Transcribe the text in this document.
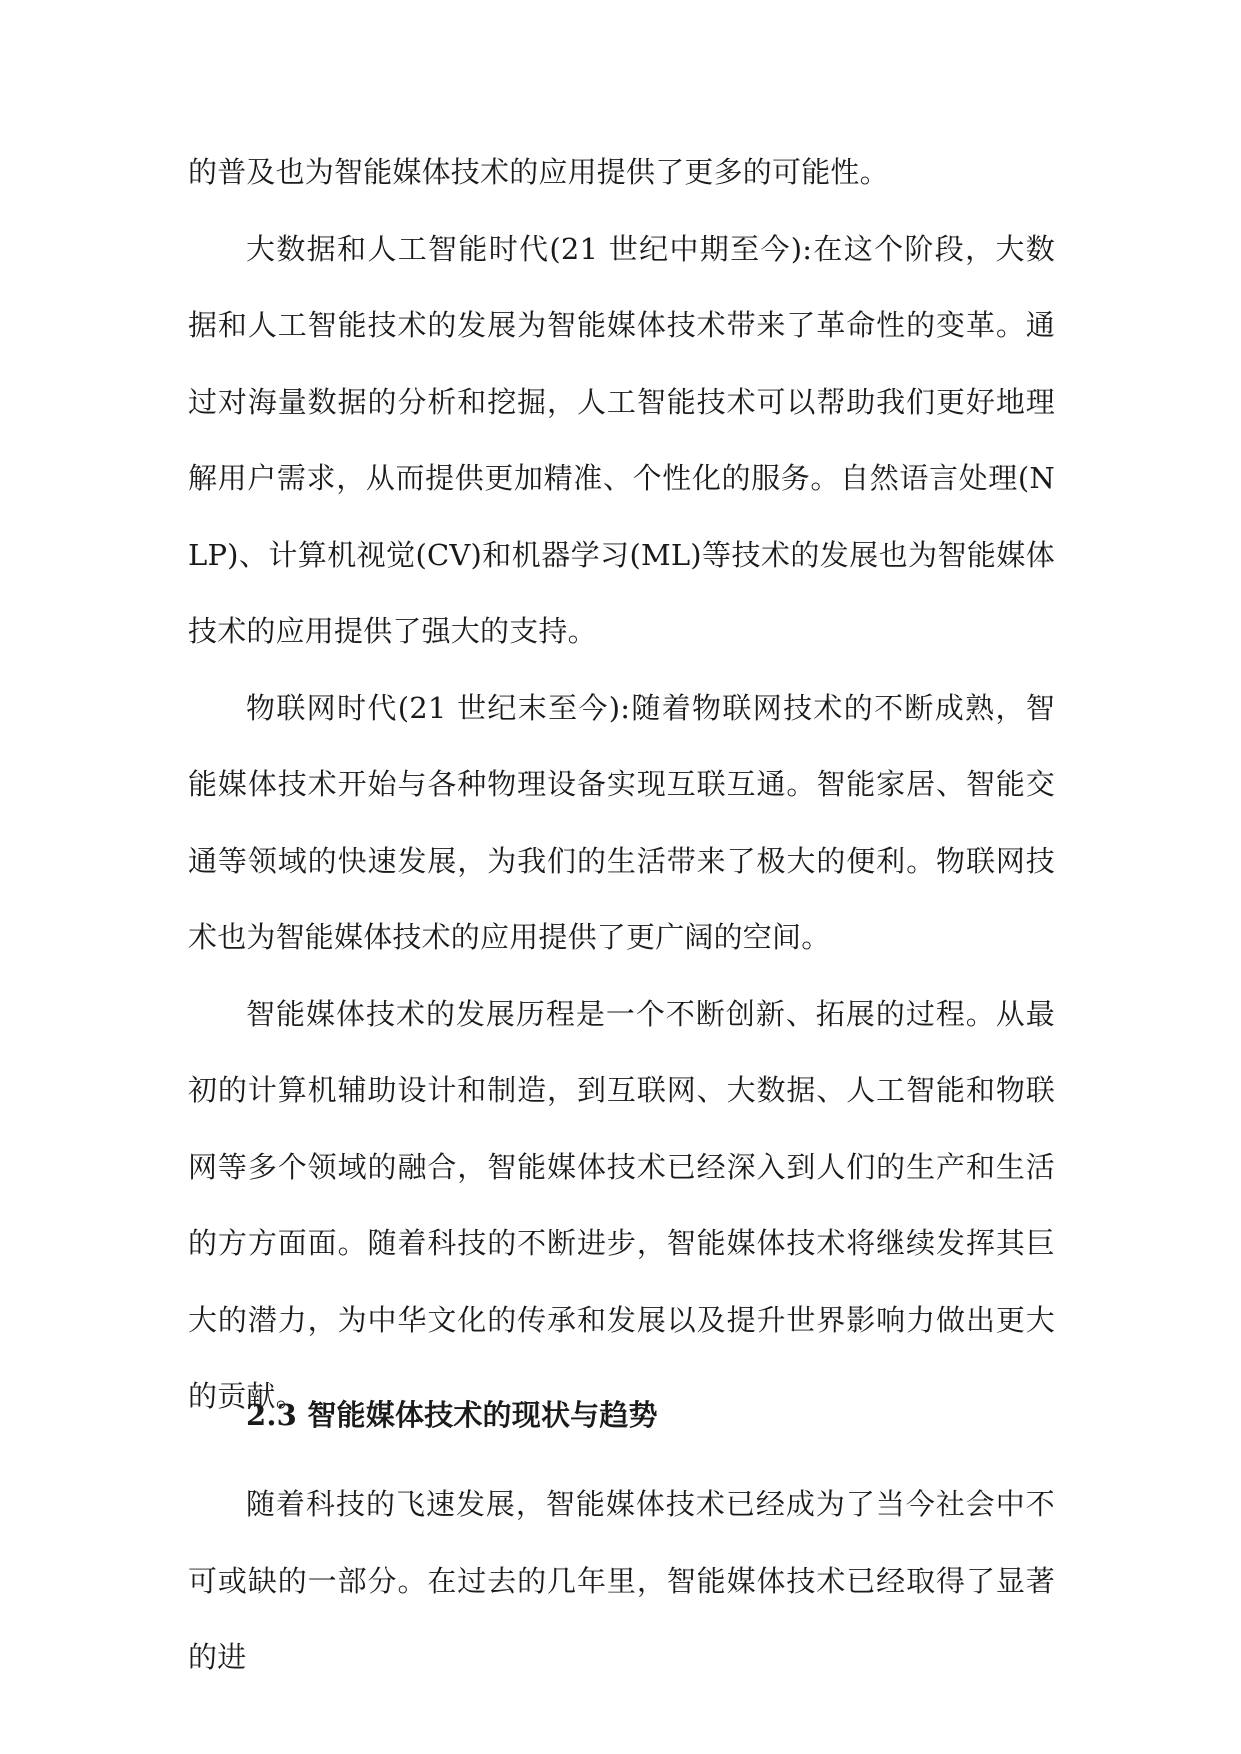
的普及也为智能媒体技术的应用提供了更多的可能性。

大数据和人工智能时代(21 世纪中期至今):在这个阶段，大数据和人工智能技术的发展为智能媒体技术带来了革命性的变革。通过对海量数据的分析和挖掘，人工智能技术可以帮助我们更好地理解用户需求，从而提供更加精准、个性化的服务。自然语言处理(NLP)、计算机视觉(CV)和机器学习(ML)等技术的发展也为智能媒体技术的应用提供了强大的支持。

物联网时代(21 世纪末至今):随着物联网技术的不断成熟，智能媒体技术开始与各种物理设备实现互联互通。智能家居、智能交通等领域的快速发展，为我们的生活带来了极大的便利。物联网技术也为智能媒体技术的应用提供了更广阔的空间。

智能媒体技术的发展历程是一个不断创新、拓展的过程。从最初的计算机辅助设计和制造，到互联网、大数据、人工智能和物联网等多个领域的融合，智能媒体技术已经深入到人们的生产和生活的方方面面。随着科技的不断进步，智能媒体技术将继续发挥其巨大的潜力，为中华文化的传承和发展以及提升世界影响力做出更大的贡献。

2.3 智能媒体技术的现状与趋势

随着科技的飞速发展，智能媒体技术已经成为了当今社会中不可或缺的一部分。在过去的几年里，智能媒体技术已经取得了显著的进
